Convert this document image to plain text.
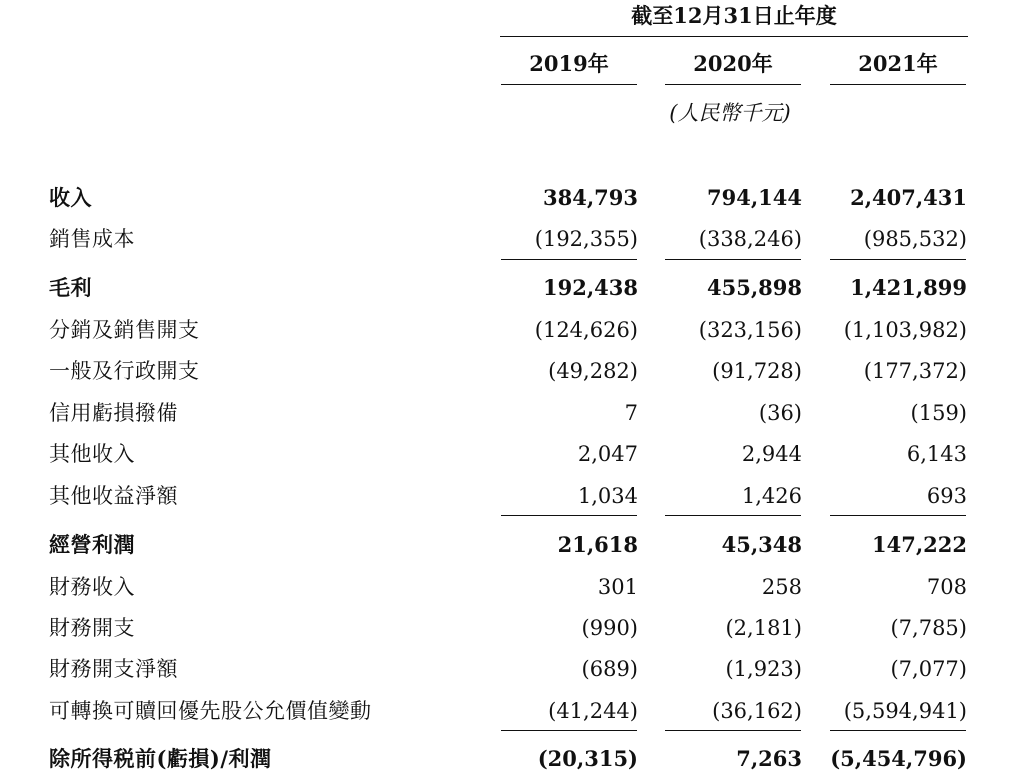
截至12月31日止年度
2019年	2020年	2021年
(人民幣千元)
收入	384,793	794,144 2,407,431
銷售成本	(192,355)	(338,246)	(985,532)
毛利	192,438	455,898 1,421,899
分銷及銷售開支	(124,626)	(323,156) (1,103,982)
一般及行政開支	(49,282)	(91,728)	(177,372)
信用虧損撥備	7	(36)	(159)
其他收入	2,047	2,944	6,143
其他收益淨額	1,034	1,426	693
經營利潤	21,618	45,348	147,222
財務收入	301	258	708
財務開支	(990)	(2,181)	(7,785)
財務開支淨額	(689)	(1,923)	(7,077)
可轉換可贖回優先股公允價值變動	(41,244)	(36,162) (5,594,941)
除所得税前(虧損)/利潤	(20,315)	7,263 (5,454,796)
